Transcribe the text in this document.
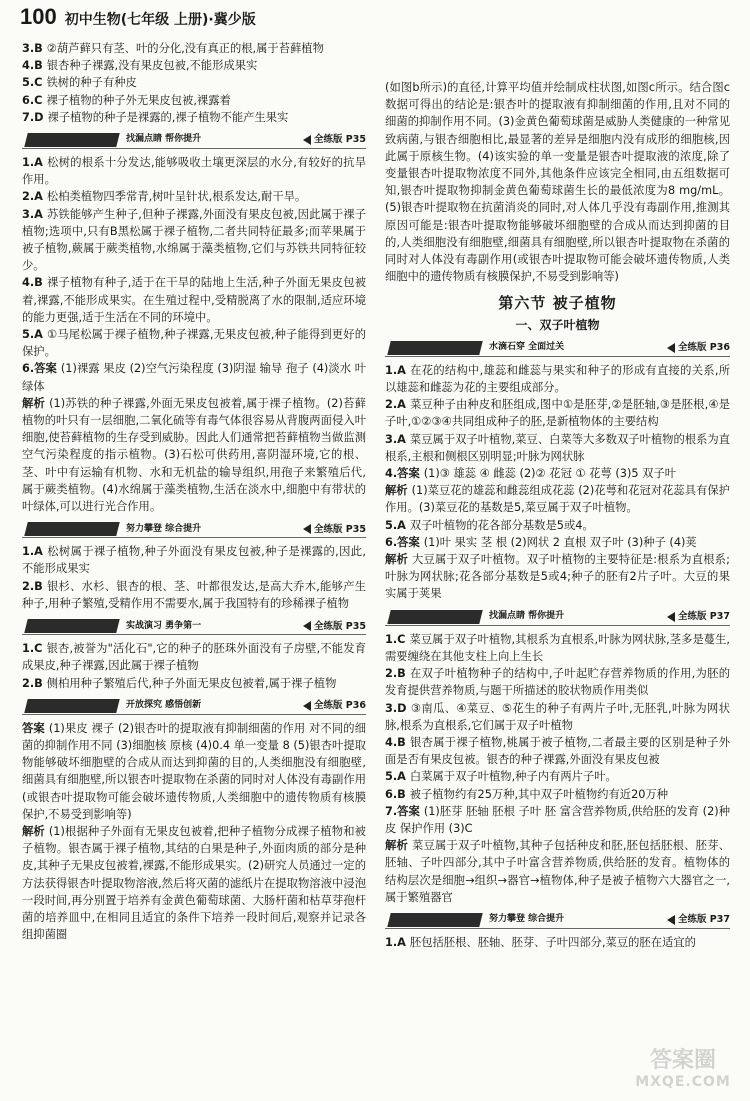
100 初中生物(七年级 上册)·冀少版

3.B ②葫芦藓只有茎、叶的分化,没有真正的根,属于苔藓植物

4.B 银杏种子裸露,没有果皮包被,不能形成果实

5.C 铁树的种子有种皮

6.C 裸子植物的种子外无果皮包被,裸露着

7.D 裸子植物的种子是裸露的,裸子植物不能产生果实

找漏点睛 帮你提升	全练版 P35

1.A 松树的根系十分发达,能够吸收土壤更深层的水分,有较好的抗旱作用。

2.A 松柏类植物四季常青,树叶呈针状,根系发达,耐干旱。

3.A 苏铁能够产生种子,但种子裸露,外面没有果皮包被,因此属于裸子植物;选项中,只有B黑松属于裸子植物,二者共同特征最多;而苹果属于被子植物,蕨属于蕨类植物,水绵属于藻类植物,它们与苏铁共同特征较少。

4.B 裸子植物有种子,适于在干旱的陆地上生活,种子外面无果皮包被着,裸露,不能形成果实。在生殖过程中,受精脱离了水的限制,适应环境的能力更强,适于生活在不同的环境中。

5.A ①马尾松属于裸子植物,种子裸露,无果皮包被,种子能得到更好的保护。

6.答案 (1)裸露 果皮 (2)空气污染程度 (3)阴湿 输导 孢子 (4)淡水 叶绿体

解析 (1)苏铁的种子裸露,外面无果皮包被着,属于裸子植物。(2)苔藓植物的叶只有一层细胞,二氧化硫等有毒气体很容易从背腹两面侵入叶细胞,使苔藓植物的生存受到威胁。因此人们通常把苔藓植物当做监测空气污染程度的指示植物。(3)石松可供药用,喜阴湿环境,它的根、茎、叶中有运输有机物、水和无机盐的输导组织,用孢子来繁殖后代,属于蕨类植物。(4)水绵属于藻类植物,生活在淡水中,细胞中有带状的叶绿体,可以进行光合作用。

努力攀登 综合提升	全练版 P35

1.A 松树属于裸子植物,种子外面没有果皮包被,种子是裸露的,因此,不能形成果实

2.B 银杉、水杉、银杏的根、茎、叶都很发达,是高大乔木,能够产生种子,用种子繁殖,受精作用不需要水,属于我国特有的珍稀裸子植物

实战演习 勇争第一	全练版 P35

1.C 银杏,被誉为"活化石",它的种子的胚珠外面没有子房壁,不能发育成果皮,种子裸露,因此属于裸子植物

2.B 侧柏用种子繁殖后代,种子外面无果皮包被着,属于裸子植物

开放探究 感悟创新	全练版 P36

答案 (1)果皮 裸子 (2)银杏叶的提取液有抑制细菌的作用 对不同的细菌的抑制作用不同 (3)细胞核 原核 (4)0.4 单一变量 8 (5)银杏叶提取物能够破坏细胞壁的合成从而达到抑菌的目的,人类细胞没有细胞壁,细菌具有细胞壁,所以银杏叶提取物在杀菌的同时对人体没有毒副作用(或银杏叶提取物可能会破坏遗传物质,人类细胞中的遗传物质有核膜保护,不易受到影响等)

解析 (1)根据种子外面有无果皮包被着,把种子植物分成裸子植物和被子植物。银杏属于裸子植物,其结的白果是种子,外面肉质的部分是种皮,其种子无果皮包被着,裸露,不能形成果实。(2)研究人员通过一定的方法获得银杏叶提取物溶液,然后将灭菌的滤纸片在提取物溶液中浸泡一段时间,再分别置于培养有金黄色葡萄球菌、大肠杆菌和枯草芽孢杆菌的培养皿中,在相同且适宜的条件下培养一段时间后,观察并记录各组抑菌圈

(如图b所示)的直径,计算平均值并绘制成柱状图,如图c所示。结合图c数据可得出的结论是:银杏叶的提取液有抑制细菌的作用,且对不同的细菌的抑制作用不同。(3)金黄色葡萄球菌是威胁人类健康的一种常见致病菌,与银杏细胞相比,最显著的差异是细胞内没有成形的细胞核,因此属于原核生物。(4)该实验的单一变量是银杏叶提取液的浓度,除了变量银杏叶提取物浓度不同外,其他条件应该完全相同,由五组数据可知,银杏叶提取物抑制金黄色葡萄球菌生长的最低浓度为8 mg/mL。(5)银杏叶提取物在抗菌消炎的同时,对人体几乎没有毒副作用,推测其原因可能是:银杏叶提取物能够破坏细胞壁的合成从而达到抑菌的目的,人类细胞没有细胞壁,细菌具有细胞壁,所以银杏叶提取物在杀菌的同时对人体没有毒副作用(或银杏叶提取物可能会破坏遗传物质,人类细胞中的遗传物质有核膜保护,不易受到影响等)

第六节 被子植物
一、双子叶植物
水滴石穿 全面过关	全练版 P36

1.A 在花的结构中,雄蕊和雌蕊与果实和种子的形成有直接的关系,所以雄蕊和雌蕊为花的主要组成部分。

2.A 菜豆种子由种皮和胚组成,图中①是胚芽,②是胚轴,③是胚根,④是子叶,①②③④共同组成种子的胚,是新植物体的主要结构

3.A 菜豆属于双子叶植物,菜豆、白菜等大多数双子叶植物的根系为直根系,主根和侧根区别明显;叶脉为网状脉

4.答案 (1)③ 雄蕊 ④ 雌蕊 (2)② 花冠 ① 花萼 (3)5 双子叶

解析 (1)菜豆花的雄蕊和雌蕊组成花蕊 (2)花萼和花冠对花蕊具有保护作用。(3)菜豆花的基数是5,菜豆属于双子叶植物。

5.A 双子叶植物的花各部分基数是5或4。

6.答案 (1)叶 果实 茎 根 (2)网状 2 直根 双子叶 (3)种子 (4)荚

解析 大豆属于双子叶植物。双子叶植物的主要特征是:根系为直根系;叶脉为网状脉;花各部分基数是5或4;种子的胚有2片子叶。大豆的果实属于荚果

找漏点睛 帮你提升	全练版 P37

1.C 菜豆属于双子叶植物,其根系为直根系,叶脉为网状脉,茎多是蔓生,需要缠绕在其他支柱上向上生长

2.B 在双子叶植物种子的结构中,子叶起贮存营养物质的作用,为胚的发育提供营养物质,与题干所描述的胶状物质作用类似

3.D ③南瓜、④菜豆、⑤花生的种子有两片子叶,无胚乳,叶脉为网状脉,根系为直根系,它们属于双子叶植物

4.B 银杏属于裸子植物,桃属于被子植物,二者最主要的区别是种子外面是否有果皮包被。银杏的种子裸露,外面没有果皮包被

5.A 白菜属于双子叶植物,种子内有两片子叶。

6.B 被子植物约有25万种,其中双子叶植物约有近20万种

7.答案 (1)胚芽 胚轴 胚根 子叶 胚 富含营养物质,供给胚的发育 (2)种皮 保护作用 (3)C

解析 菜豆属于双子叶植物,其种子包括种皮和胚,胚包括胚根、胚芽、胚轴、子叶四部分,其中子叶富含营养物质,供给胚的发育。植物体的结构层次是细胞→组织→器官→植物体,种子是被子植物六大器官之一,属于繁殖器官

努力攀登 综合提升	全练版 P37

1.A 胚包括胚根、胚轴、胚芽、子叶四部分,菜豆的胚在适宜的

答案圈
MXQE.COM
